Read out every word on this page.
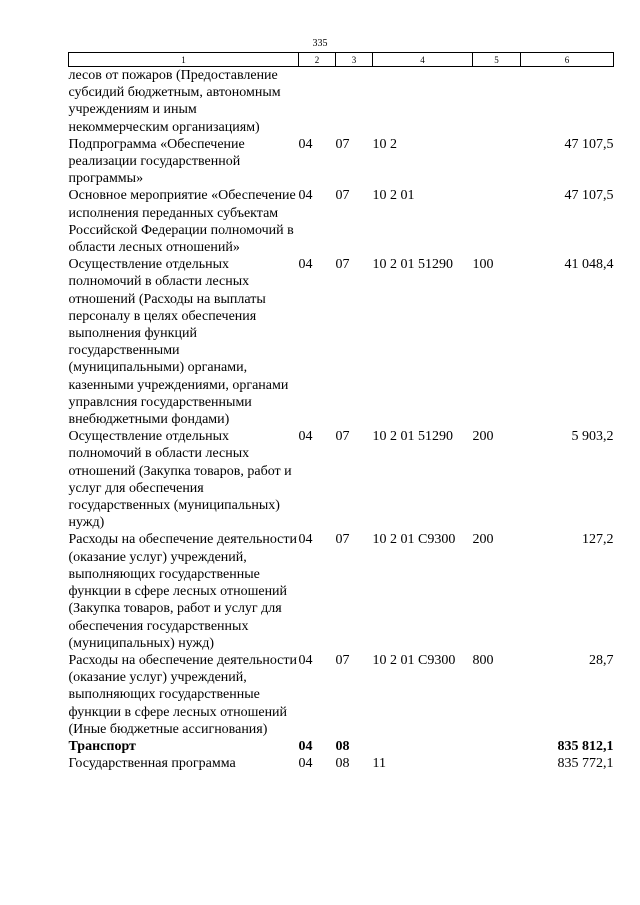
335
1	2	3	4	5	6
лесов от пожаров (Предоставление субсидий бюджетным, автономным учреждениям и иным некоммерческим организациям)					
Подпрограмма «Обеспечение реализации государственной программы»	04	07	10 2		47 107,5
Основное мероприятие «Обеспечение исполнения переданных субъектам Российской Федерации полномочий в области лесных отношений»	04	07	10 2 01		47 107,5
Осуществление отдельных полномочий в области лесных отношений (Расходы на выплаты персоналу в целях обеспечения выполнения функций государственными (муниципальными) органами, казенными учреждениями, органами управлсния государственными внебюджетными фондами)	04	07	10 2 01 51290	100	41 048,4
Осуществление отдельных полномочий в области лесных отношений (Закупка товаров, работ и услуг для обеспечения государственных (муниципальных) нужд)	04	07	10 2 01 51290	200	5 903,2
Расходы на обеспечение деятельности (оказание услуг) учреждений, выполняющих государственные функции в сфере лесных отношений (Закупка товаров, работ и услуг для обеспечения государственных (муниципальных) нужд)	04	07	10 2 01 С9300	200	127,2
Расходы на обеспечение деятельности (оказание услуг) учреждений, выполняющих государственные функции в сфере лесных отношений (Иные бюджетные ассигнования)	04	07	10 2 01 С9300	800	28,7
Транспорт	04	08			835 812,1
Государственная программа	04	08	11		835 772,1
